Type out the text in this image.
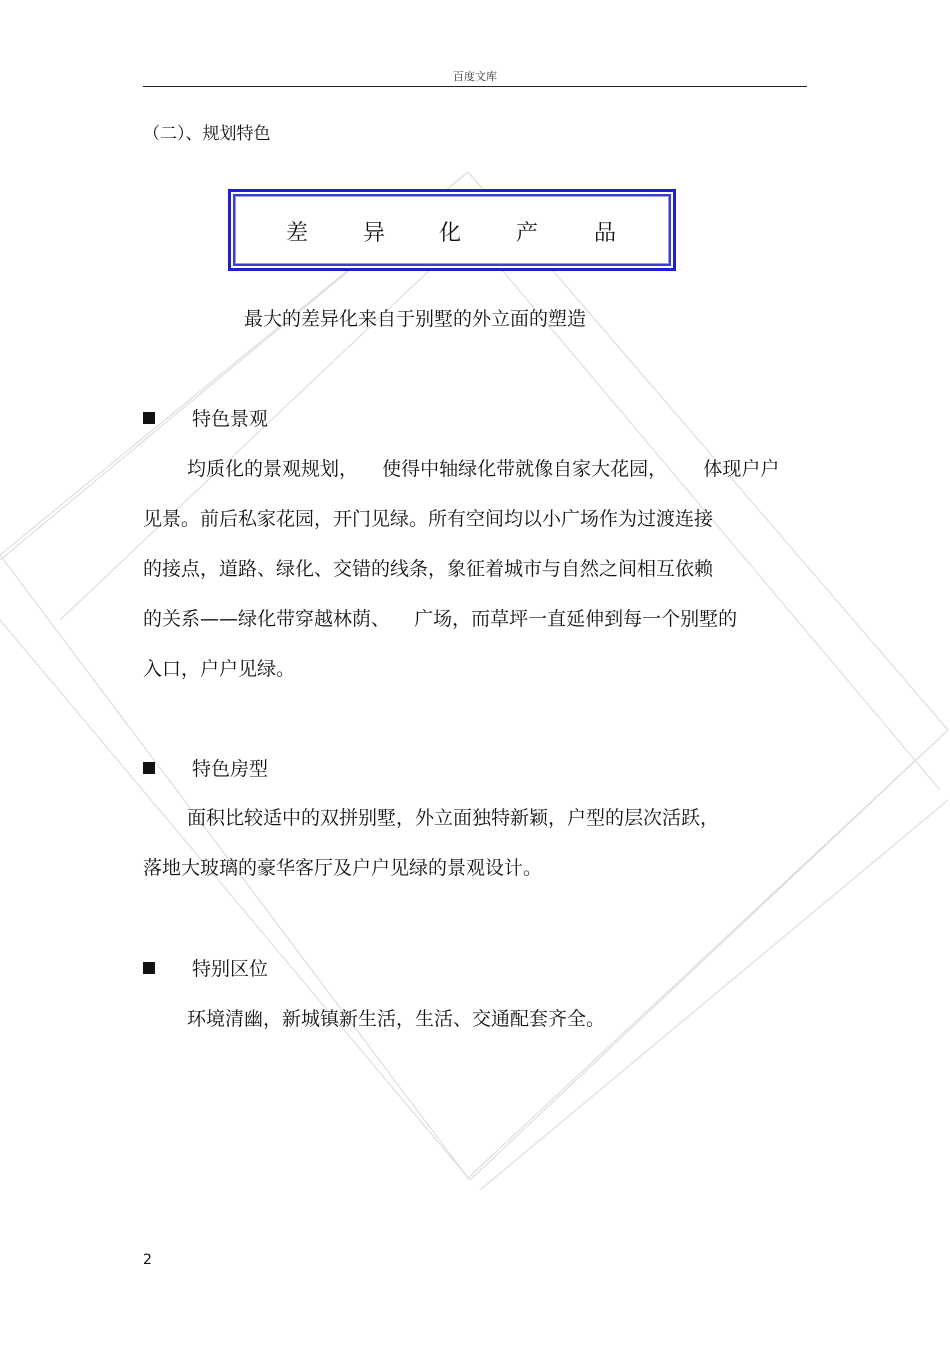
百度文库
（二）、规划特色
差 异 化 产	品
最大的差异化来自于别墅的外立面的塑造
特色景观
均质化的景观规划，    使得中轴绿化带就像自家大花园，      体现户户
见景。前后私家花园，开门见绿。所有空间均以小广场作为过渡连接
的接点，道路、绿化、交错的线条，象征着城市与自然之间相互依赖
的关系——绿化带穿越林荫、    广场，而草坪一直延伸到每一个别墅的
入口，户户见绿。
特色房型
面积比较适中的双拼别墅，外立面独特新颖，户型的层次活跃，
落地大玻璃的豪华客厅及户户见绿的景观设计。
特别区位
环境清幽，新城镇新生活，生活、交通配套齐全。
2
